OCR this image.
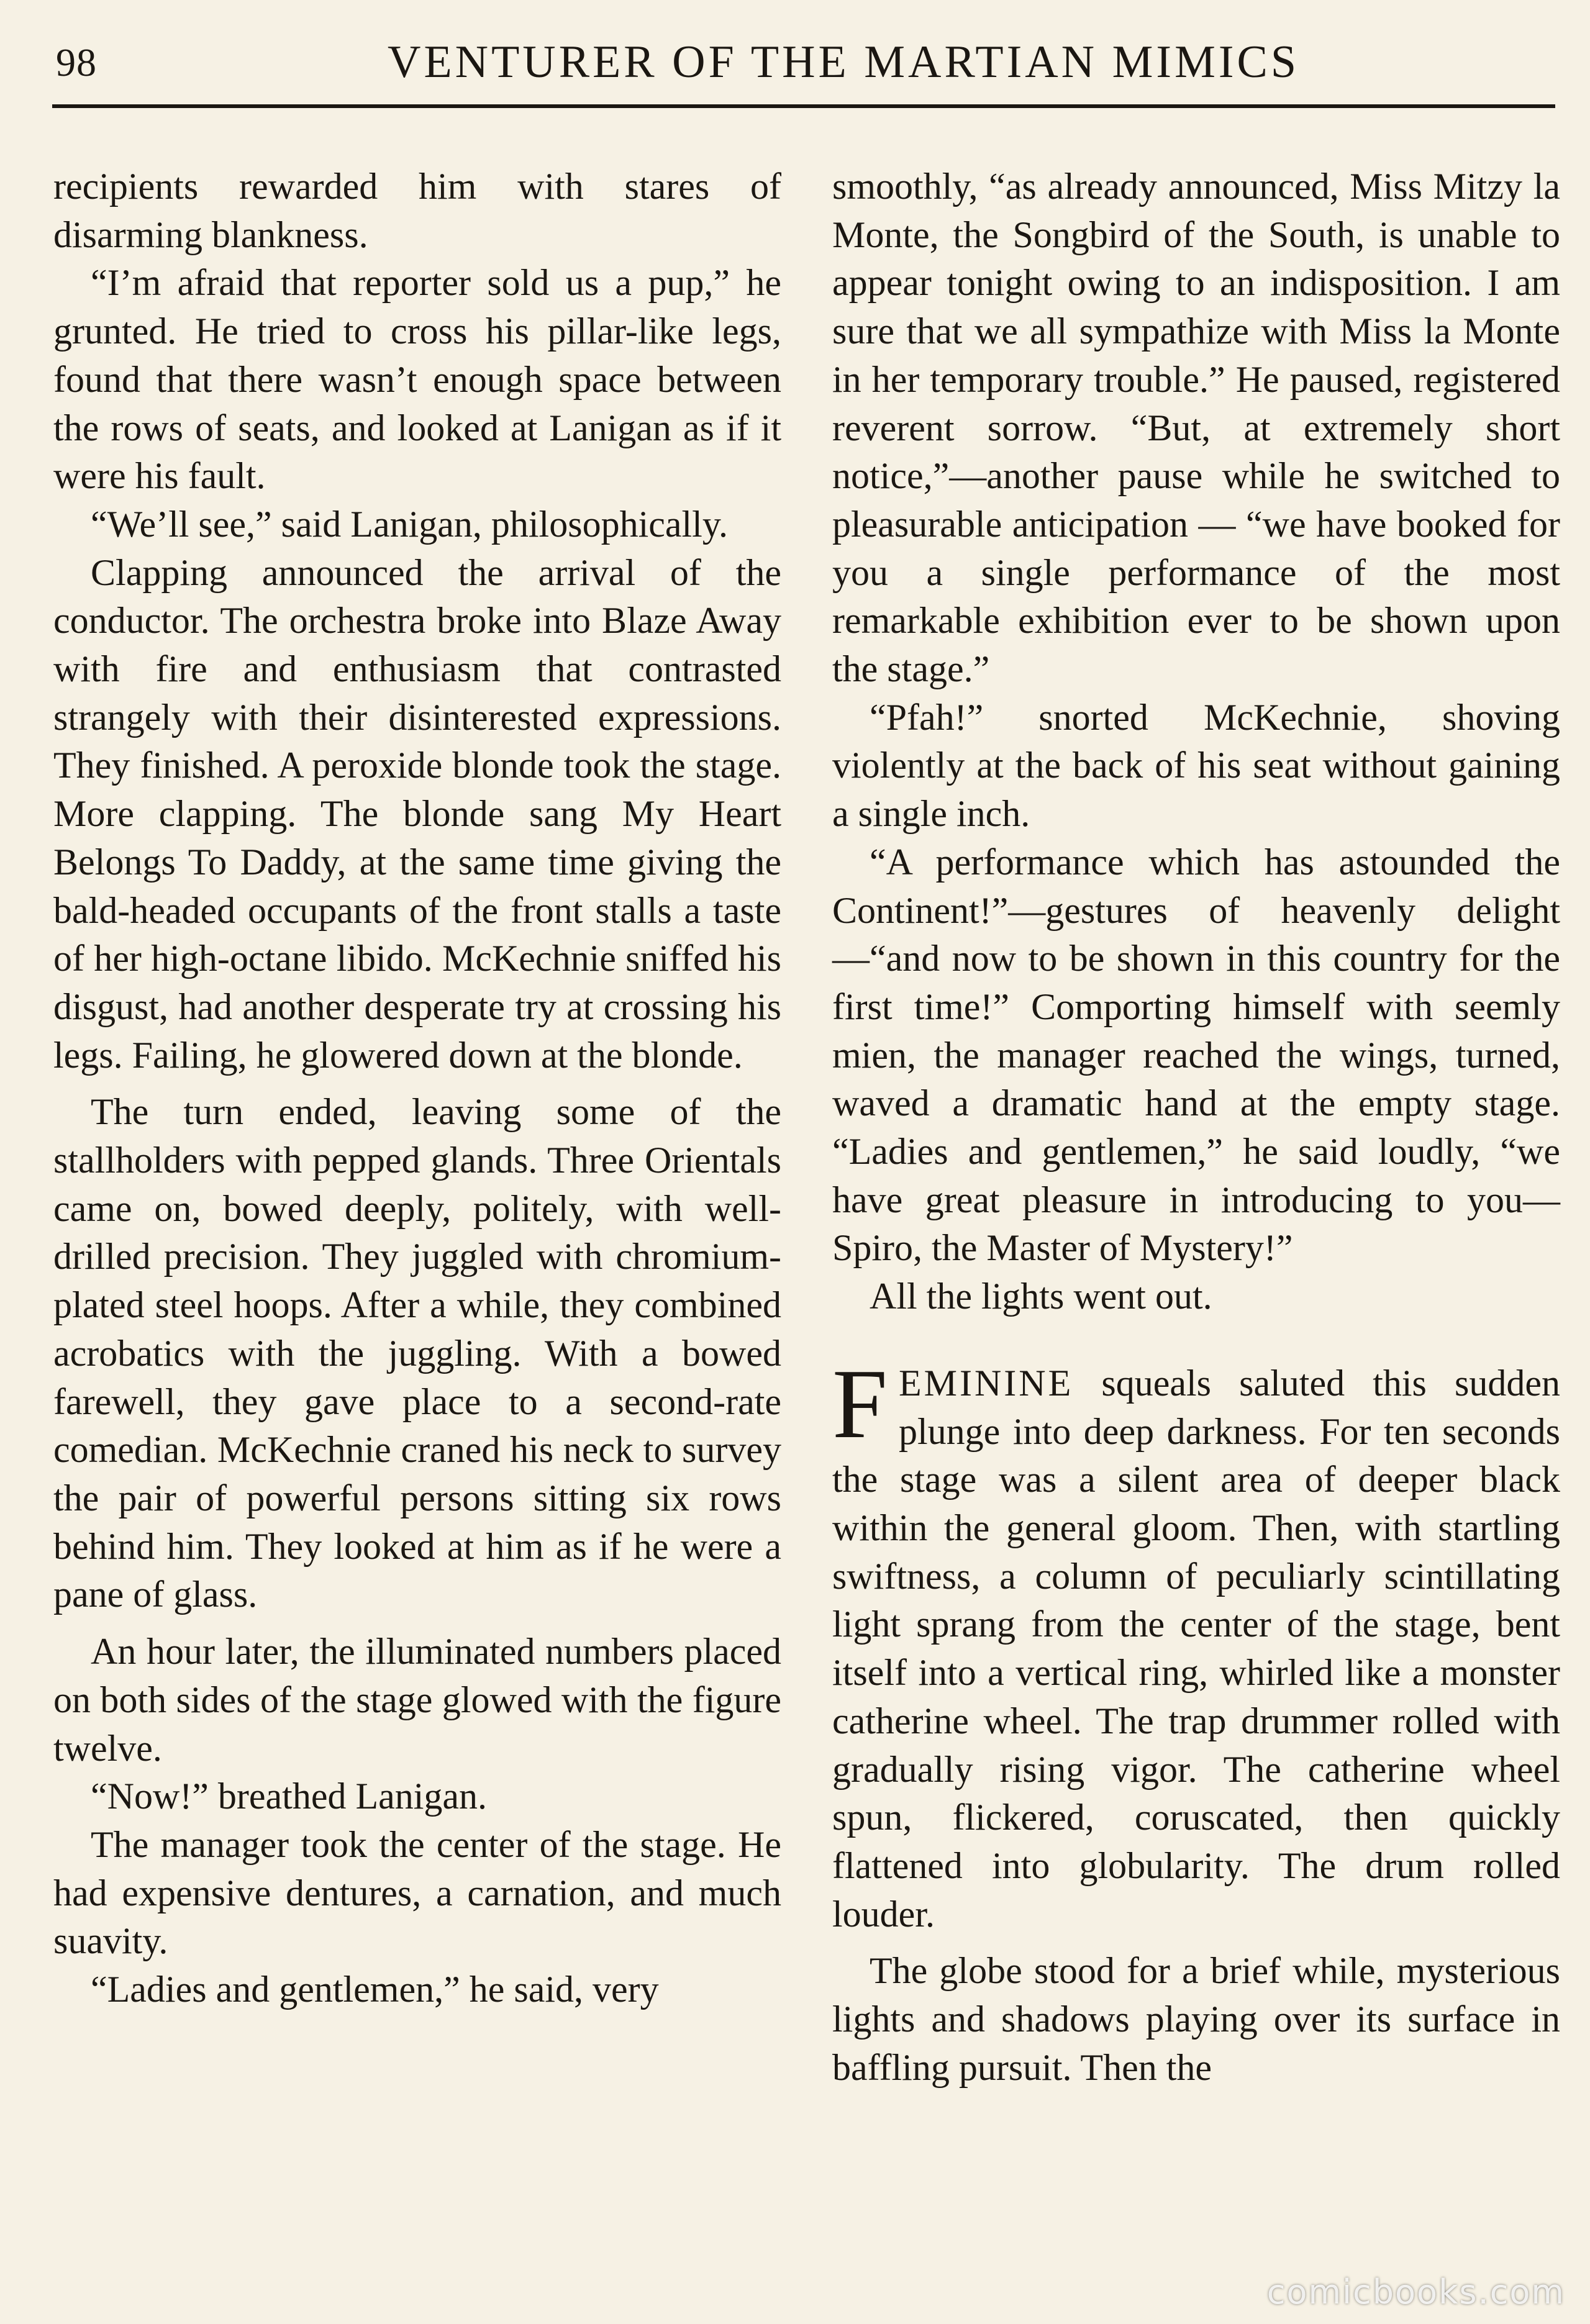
98	VENTURER OF THE MARTIAN MIMICS

recipients rewarded him with stares of disarming blankness.

“I’m afraid that reporter sold us a pup,” he grunted. He tried to cross his pillar-like legs, found that there wasn’t enough space between the rows of seats, and looked at Lanigan as if it were his fault.

“We’ll see,” said Lanigan, philosophically.

Clapping announced the arrival of the conductor. The orchestra broke into Blaze Away with fire and enthusiasm that contrasted strangely with their disinterested expressions. They finished. A peroxide blonde took the stage. More clapping. The blonde sang My Heart Belongs To Daddy, at the same time giving the bald-headed occupants of the front stalls a taste of her high-octane libido. McKechnie sniffed his disgust, had another desperate try at crossing his legs. Failing, he glowered down at the blonde.

The turn ended, leaving some of the stallholders with pepped glands. Three Orientals came on, bowed deeply, politely, with well-drilled precision. They juggled with chromium-plated steel hoops. After a while, they combined acrobatics with the juggling. With a bowed farewell, they gave place to a second-rate comedian. McKechnie craned his neck to survey the pair of powerful persons sitting six rows behind him. They looked at him as if he were a pane of glass.

An hour later, the illuminated numbers placed on both sides of the stage glowed with the figure twelve.

“Now!” breathed Lanigan.

The manager took the center of the stage. He had expensive dentures, a carnation, and much suavity.

“Ladies and gentlemen,” he said, very

smoothly, “as already announced, Miss Mitzy la Monte, the Songbird of the South, is unable to appear tonight owing to an indisposition. I am sure that we all sympathize with Miss la Monte in her temporary trouble.” He paused, registered reverent sorrow. “But, at extremely short notice,”—another pause while he switched to pleasurable anticipation — “we have booked for you a single performance of the most remarkable exhibition ever to be shown upon the stage.”

“Pfah!” snorted McKechnie, shoving violently at the back of his seat without gaining a single inch.

“A performance which has astounded the Continent!”—gestures of heavenly delight—“and now to be shown in this country for the first time!” Comporting himself with seemly mien, the manager reached the wings, turned, waved a dramatic hand at the empty stage. “Ladies and gentlemen,” he said loudly, “we have great pleasure in introducing to you—Spiro, the Master of Mystery!”

All the lights went out.

FEMININE squeals saluted this sudden plunge into deep darkness. For ten seconds the stage was a silent area of deeper black within the general gloom. Then, with startling swiftness, a column of peculiarly scintillating light sprang from the center of the stage, bent itself into a vertical ring, whirled like a monster catherine wheel. The trap drummer rolled with gradually rising vigor. The catherine wheel spun, flickered, coruscated, then quickly flattened into globularity. The drum rolled louder.

The globe stood for a brief while, mysterious lights and shadows playing over its surface in baffling pursuit. Then the

comicbooks.com
